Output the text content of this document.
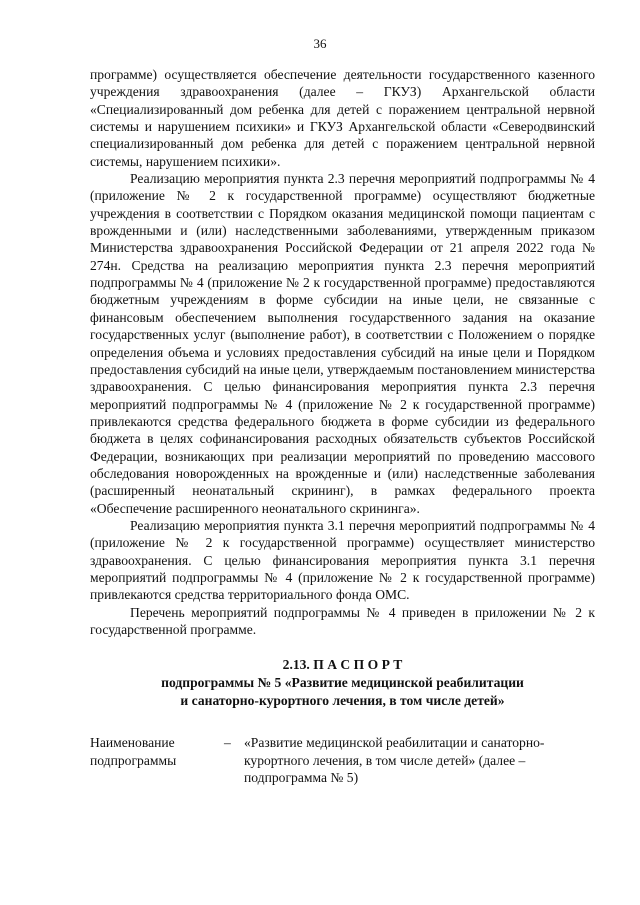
36

программе) осуществляется обеспечение деятельности государственного казенного учреждения здравоохранения (далее – ГКУЗ) Архангельской области «Специализированный дом ребенка для детей с поражением центральной нервной системы и нарушением психики» и ГКУЗ Архангельской области «Северодвинский специализированный дом ребенка для детей с поражением центральной нервной системы, нарушением психики».

Реализацию мероприятия пункта 2.3 перечня мероприятий подпрограммы № 4 (приложение № 2 к государственной программе) осуществляют бюджетные учреждения в соответствии с Порядком оказания медицинской помощи пациентам с врожденными и (или) наследственными заболеваниями, утвержденным приказом Министерства здравоохранения Российской Федерации от 21 апреля 2022 года № 274н. Средства на реализацию мероприятия пункта 2.3 перечня мероприятий подпрограммы № 4 (приложение № 2 к государственной программе) предоставляются бюджетным учреждениям в форме субсидии на иные цели, не связанные с финансовым обеспечением выполнения государственного задания на оказание государственных услуг (выполнение работ), в соответствии с Положением о порядке определения объема и условиях предоставления субсидий на иные цели и Порядком предоставления субсидий на иные цели, утверждаемым постановлением министерства здравоохранения. С целью финансирования мероприятия пункта 2.3 перечня мероприятий подпрограммы № 4 (приложение № 2 к государственной программе) привлекаются средства федерального бюджета в форме субсидии из федерального бюджета в целях софинансирования расходных обязательств субъектов Российской Федерации, возникающих при реализации мероприятий по проведению массового обследования новорожденных на врожденные и (или) наследственные заболевания (расширенный неонатальный скрининг), в рамках федерального проекта «Обеспечение расширенного неонатального скрининга».

Реализацию мероприятия пункта 3.1 перечня мероприятий подпрограммы № 4 (приложение № 2 к государственной программе) осуществляет министерство здравоохранения. С целью финансирования мероприятия пункта 3.1 перечня мероприятий подпрограммы № 4 (приложение № 2 к государственной программе) привлекаются средства территориального фонда ОМС.

Перечень мероприятий подпрограммы № 4 приведен в приложении № 2 к государственной программе.

2.13. П А С П О Р Т
подпрограммы № 5 «Развитие медицинской реабилитации
и санаторно-курортного лечения, в том числе детей»
Наименование подпрограммы
– «Развитие медицинской реабилитации и санаторно-курортного лечения, в том числе детей» (далее – подпрограмма № 5)
